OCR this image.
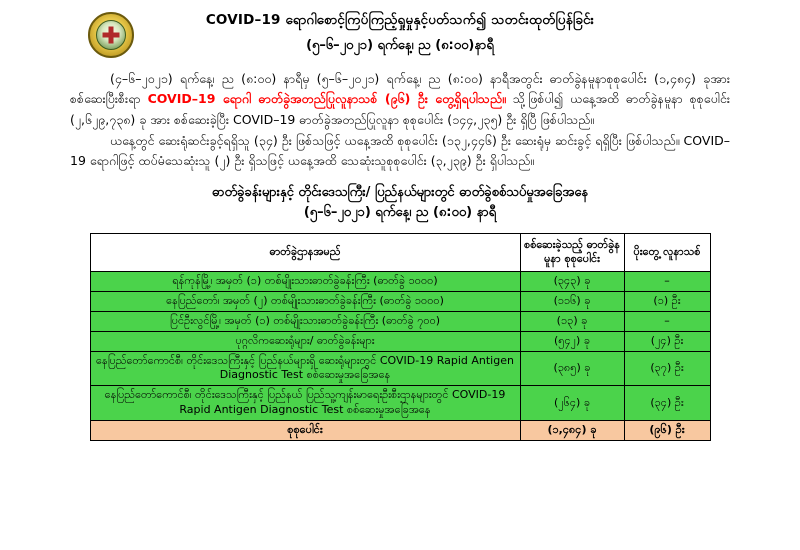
COVID–19 ရောဂါစောင့်ကြပ်ကြည့်ရှုမှုနှင့်ပတ်သက်၍ သတင်းထုတ်ပြန်ခြင်း
(၅–၆–၂၀၂၁) ရက်နေ့၊ ည (၈:၀၀)နာရီ
(၄–၆–၂၀၂၁) ရက်နေ့၊ ည (၈:၀၀) နာရီမှ (၅–၆–၂၀၂၁) ရက်နေ့၊ ည (၈:၀၀) နာရီအတွင်း ဓာတ်ခွဲနမူနာစုစုပေါင်း (၁,၄၈၄) ခုအား စစ်ဆေးပြီးစီးရာ COVID–19 ရောဂါ ဓာတ်ခွဲအတည်ပြုလူနာသစ် (၉၆) ဦး တွေ့ရှိရပါသည်။ သို့ဖြစ်ပါ၍ ယနေ့အထိ ဓာတ်ခွဲနမူနာ စုစုပေါင်း (၂,၆၂၉,၇၃၈) ခု အား စစ်ဆေးခဲ့ပြီး COVID–19 ဓာတ်ခွဲအတည်ပြုလူနာ စုစုပေါင်း (၁၄၄,၂၃၅) ဦး ရှိပြီ ဖြစ်ပါသည်။
ယနေ့တွင် ဆေးရုံဆင်းခွင့်ရရှိသူ (၃၄) ဦး ဖြစ်သဖြင့် ယနေ့အထိ စုစုပေါင်း (၁၃၂,၄၄၆) ဦး ဆေးရုံမှ ဆင်းခွင့် ရရှိပြီး ဖြစ်ပါသည်။ COVID–19 ရောဂါဖြင့် ထပ်မံသေဆုံးသူ (၂) ဦး ရှိသဖြင့် ယနေ့အထိ သေဆုံးသူစုစုပေါင်း (၃,၂၃၉) ဦး ရှိပါသည်။
ဓာတ်ခွဲခန်းများနှင့် တိုင်းဒေသကြီး/ ပြည်နယ်များတွင် ဓာတ်ခွဲစစ်သပ်မှုအခြေအနေ
(၅–၆–၂၀၂၁) ရက်နေ့၊ ည (၈:၀၀) နာရီ
ဓာတ်ခွဲဌာနအမည်	စစ်ဆေးခဲ့သည့် ဓာတ်ခွဲနမူနာ စုစုပေါင်း	ပိုးတွေ့ လူနာသစ်
ရန်ကုန်မြို့၊ အမှတ် (၁) တစ်မျိုးသားဓာတ်ခွဲခန်းကြီး (ဓာတ်ခွဲ ၁၀၀၀)	(၃၄၃) ခု	–
နေပြည်တော်၊ အမှတ် (၂) တစ်မျိုးသားဓာတ်ခွဲခန်းကြီး (ဓာတ်ခွဲ ၁၀၀၀)	(၁၁၆) ခု	(၁) ဦး
ပြင်ဦးလွင်မြို့၊ အမှတ် (၁) တစ်မျိုးသားဓာတ်ခွဲခန်းကြီး (ဓာတ်ခွဲ ၇၀၀)	(၁၃) ခု	–
ပုဂ္ဂလိကဆေးရုံများ/ ဓာတ်ခွဲခန်းများ	(၅၄၂) ခု	(၂၄) ဦး
နေပြည်တော်ကောင်စီ၊ တိုင်းဒေသကြီးနှင့် ပြည်နယ်များရှိ ဆေးရုံများတွင် COVID-19 Rapid Antigen Diagnostic Test စစ်ဆေးမှုအခြေအနေ	(၃၈၅) ခု	(၃၇) ဦး
နေပြည်တော်ကောင်စီ၊ တိုင်းဒေသကြီးနှင့် ပြည်နယ် ပြည်သူ့ကျန်းမာရေးဦးစီးဌာနများတွင် COVID-19 Rapid Antigen Diagnostic Test စစ်ဆေးမှုအခြေအနေ	(၂၆၄) ခု	(၃၄) ဦး
စုစုပေါင်း	(၁,၄၈၄) ခု	(၉၆) ဦး
